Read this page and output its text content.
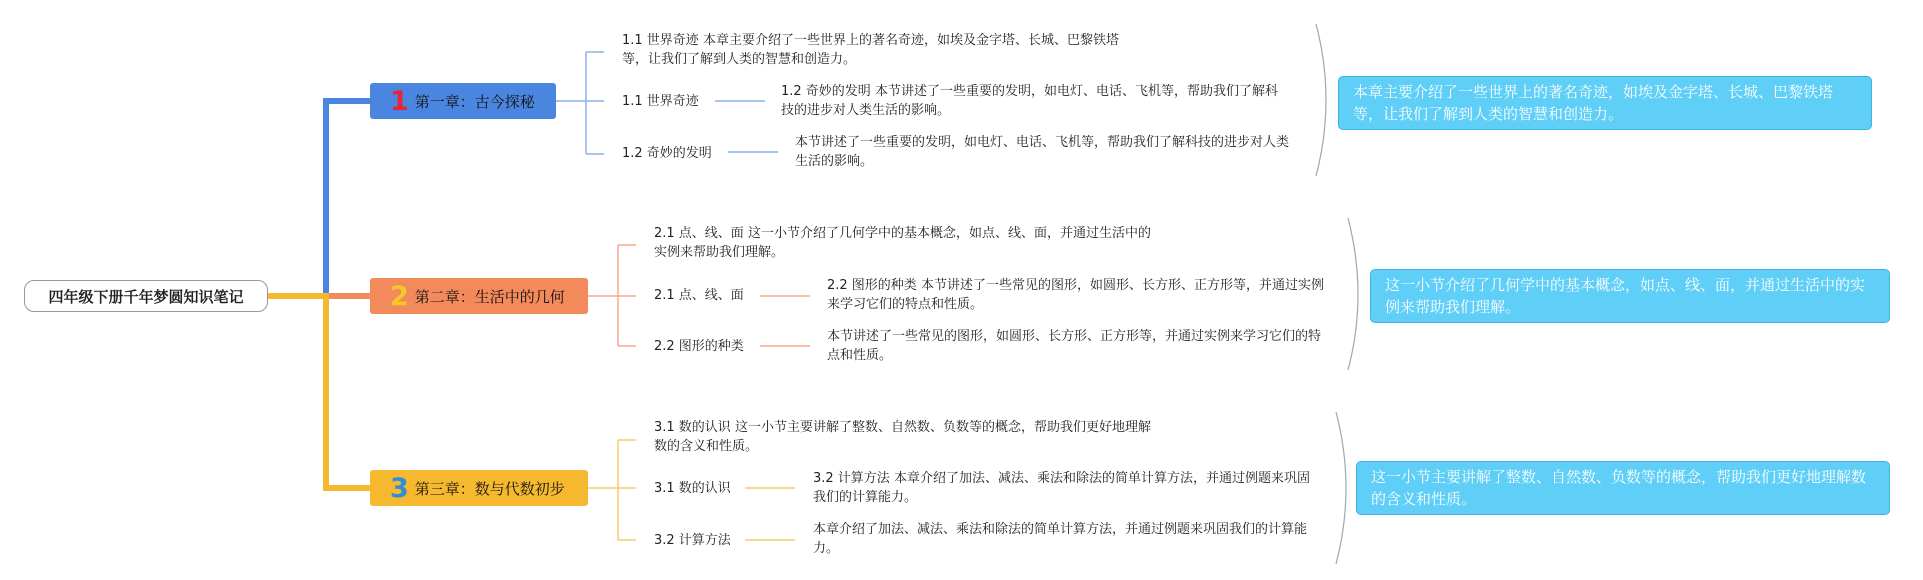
四年级下册千年梦圆知识笔记
1 第一章：古今探秘
1.1 世界奇迹 本章主要介绍了一些世界上的著名奇迹，如埃及金字塔、长城、巴黎铁塔等，让我们了解到人类的智慧和创造力。
1.1 世界奇迹
1.2 奇妙的发明 本节讲述了一些重要的发明，如电灯、电话、飞机等，帮助我们了解科技的进步对人类生活的影响。
1.2 奇妙的发明
本节讲述了一些重要的发明，如电灯、电话、飞机等，帮助我们了解科技的进步对人类生活的影响。
本章主要介绍了一些世界上的著名奇迹，如埃及金字塔、长城、巴黎铁塔等，让我们了解到人类的智慧和创造力。
2 第二章：生活中的几何
2.1 点、线、面 这一小节介绍了几何学中的基本概念，如点、线、面，并通过生活中的实例来帮助我们理解。
2.1 点、线、面
2.2 图形的种类 本节讲述了一些常见的图形，如圆形、长方形、正方形等，并通过实例来学习它们的特点和性质。
2.2 图形的种类
本节讲述了一些常见的图形，如圆形、长方形、正方形等，并通过实例来学习它们的特点和性质。
这一小节介绍了几何学中的基本概念，如点、线、面，并通过生活中的实例来帮助我们理解。
3 第三章：数与代数初步
3.1 数的认识 这一小节主要讲解了整数、自然数、负数等的概念，帮助我们更好地理解数的含义和性质。
3.1 数的认识
3.2 计算方法 本章介绍了加法、减法、乘法和除法的简单计算方法，并通过例题来巩固我们的计算能力。
3.2 计算方法
本章介绍了加法、减法、乘法和除法的简单计算方法，并通过例题来巩固我们的计算能力。
这一小节主要讲解了整数、自然数、负数等的概念，帮助我们更好地理解数的含义和性质。
